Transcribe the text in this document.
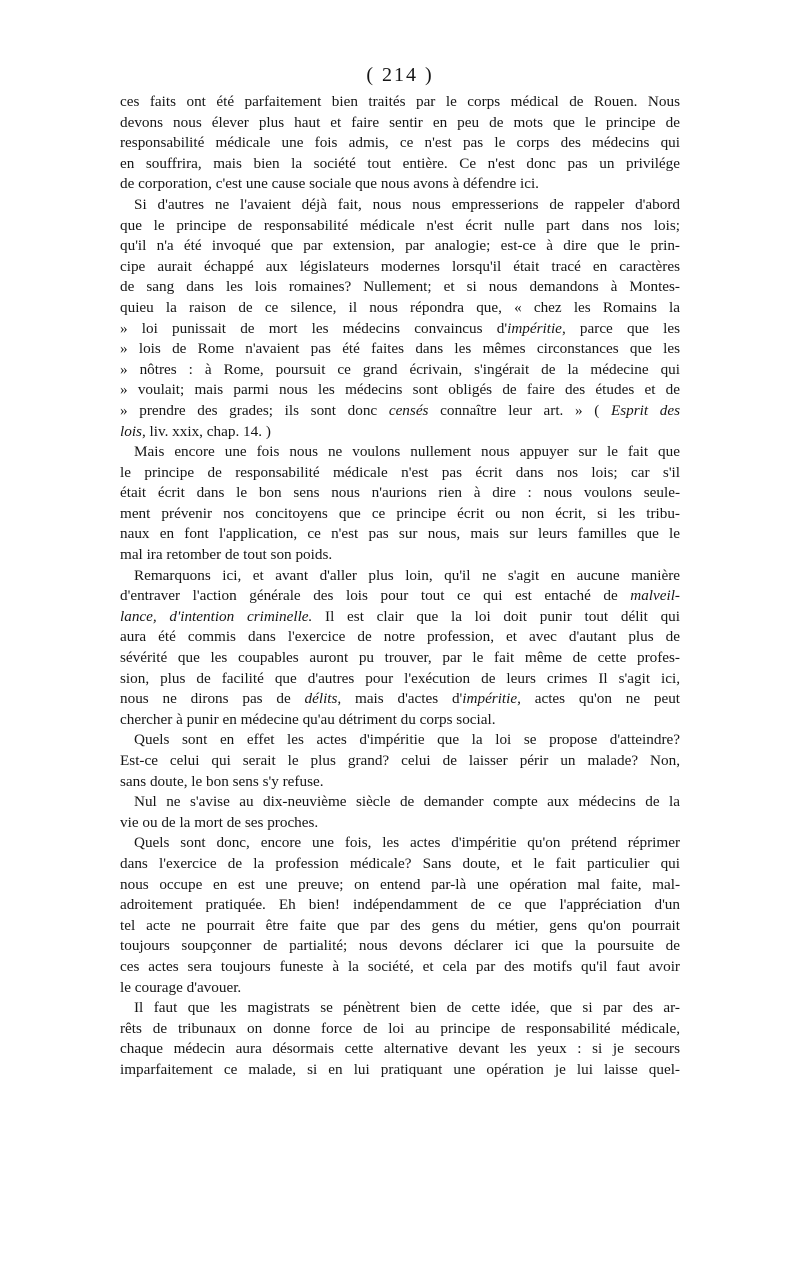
( 214 )
ces faits ont été parfaitement bien traités par le corps médical de Rouen. Nous
devons nous élever plus haut et faire sentir en peu de mots que le principe de
responsabilité médicale une fois admis, ce n'est pas le corps des médecins qui
en souffrira, mais bien la société tout entière. Ce n'est donc pas un privilége
de corporation, c'est une cause sociale que nous avons à défendre ici.
Si d'autres ne l'avaient déjà fait, nous nous empresserions de rappeler d'abord
que le principe de responsabilité médicale n'est écrit nulle part dans nos lois;
qu'il n'a été invoqué que par extension, par analogie; est-ce à dire que le prin-
cipe aurait échappé aux législateurs modernes lorsqu'il était tracé en caractères
de sang dans les lois romaines? Nullement; et si nous demandons à Montes-
quieu la raison de ce silence, il nous répondra que, « chez les Romains la
» loi punissait de mort les médecins convaincus d'impéritie, parce que les
» lois de Rome n'avaient pas été faites dans les mêmes circonstances que les
» nôtres : à Rome, poursuit ce grand écrivain, s'ingérait de la médecine qui
» voulait; mais parmi nous les médecins sont obligés de faire des études et de
» prendre des grades; ils sont donc censés connaître leur art. » ( Esprit des
lois, liv. xxix, chap. 14. )
Mais encore une fois nous ne voulons nullement nous appuyer sur le fait que
le principe de responsabilité médicale n'est pas écrit dans nos lois; car s'il
était écrit dans le bon sens nous n'aurions rien à dire : nous voulons seule-
ment prévenir nos concitoyens que ce principe écrit ou non écrit, si les tribu-
naux en font l'application, ce n'est pas sur nous, mais sur leurs familles que le
mal ira retomber de tout son poids.
Remarquons ici, et avant d'aller plus loin, qu'il ne s'agit en aucune manière
d'entraver l'action générale des lois pour tout ce qui est entaché de malveil-
lance, d'intention criminelle. Il est clair que la loi doit punir tout délit qui
aura été commis dans l'exercice de notre profession, et avec d'autant plus de
sévérité que les coupables auront pu trouver, par le fait même de cette profes-
sion, plus de facilité que d'autres pour l'exécution de leurs crimes Il s'agit ici,
nous ne dirons pas de délits, mais d'actes d'impéritie, actes qu'on ne peut
chercher à punir en médecine qu'au détriment du corps social.
Quels sont en effet les actes d'impéritie que la loi se propose d'atteindre?
Est-ce celui qui serait le plus grand? celui de laisser périr un malade? Non,
sans doute, le bon sens s'y refuse.
Nul ne s'avise au dix-neuvième siècle de demander compte aux médecins de la
vie ou de la mort de ses proches.
Quels sont donc, encore une fois, les actes d'impéritie qu'on prétend réprimer
dans l'exercice de la profession médicale? Sans doute, et le fait particulier qui
nous occupe en est une preuve; on entend par-là une opération mal faite, mal-
adroitement pratiquée. Eh bien! indépendamment de ce que l'appréciation d'un
tel acte ne pourrait être faite que par des gens du métier, gens qu'on pourrait
toujours soupçonner de partialité; nous devons déclarer ici que la poursuite de
ces actes sera toujours funeste à la société, et cela par des motifs qu'il faut avoir
le courage d'avouer.
Il faut que les magistrats se pénètrent bien de cette idée, que si par des ar-
rêts de tribunaux on donne force de loi au principe de responsabilité médicale,
chaque médecin aura désormais cette alternative devant les yeux : si je secours
imparfaitement ce malade, si en lui pratiquant une opération je lui laisse quel-
